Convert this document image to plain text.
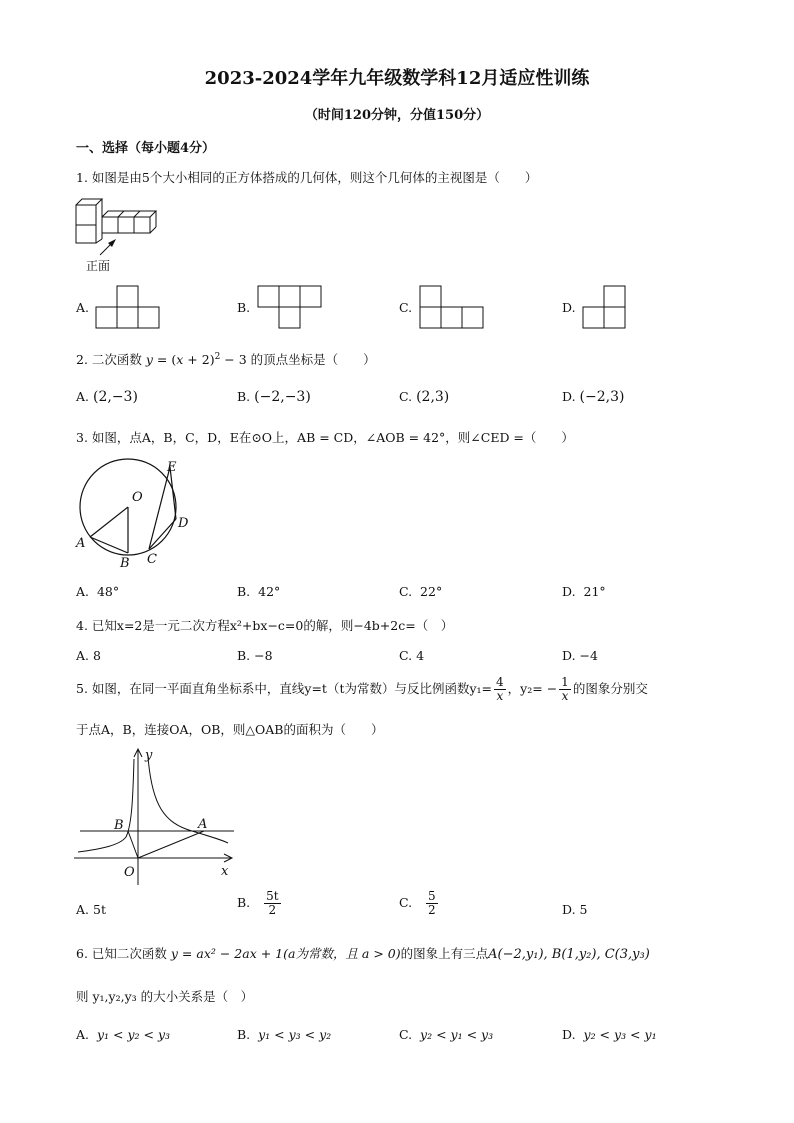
2023-2024学年九年级数学科12月适应性训练
（时间120分钟，分值150分）
一、选择（每小题4分）
1. 如图是由5个大小相同的正方体搭成的几何体，则这个几何体的主视图是（　　）
正面
A.	B.	C.	D.
2. 二次函数 $y = (x + 2)^2 - 3$ 的顶点坐标是（　　）
A. (2,−3)	B. (−2,−3)	C. (2,3)	D. (−2,3)
3. 如图，点A，B，C，D，E在⊙O上，AB = CD，∠AOB = 42°，则∠CED =（　　）
O
A
B C
D
E
A. 48°	B. 42°	C. 22°	D. 21°
4. 已知x=2是一元二次方程x²+bx−c=0的解，则−4b+2c=（　）
A. 8	B. −8	C. 4	D. −4
5. 如图，在同一平面直角坐标系中，直线y=t（t为常数）与反比例函数$y_1= \frac{4}{x}$ ，$y_2= - \frac{1}{x}$ 的图象分别交
于点A，B，连接OA，OB，则△OAB的面积为（　　）
y
x
O
A
B
A. 5t	B. $\frac{5t}{2}$	C. $\frac{5}{2}$	D. 5
6. 已知二次函数 y = ax² − 2ax + 1(a为常数，且 a > 0)的图象上有三点A(−2,y₁), B(1,y₂), C(3,y₃)
则 y₁,y₂,y₃ 的大小关系是（　）
A. y₁ < y₂ < y₃	B. y₁ < y₃ < y₂	C. y₂ < y₁ < y₃	D. y₂ < y₃ < y₁
